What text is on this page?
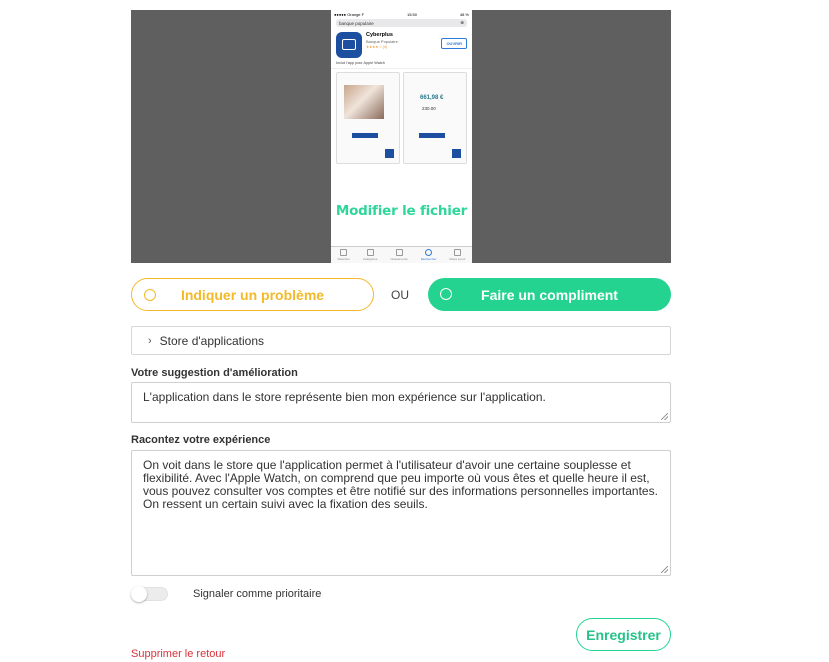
●●●●● Orange F	15:50	48 %
banque populaire	⊗
Cyberplus
Banque Populaire
★★★★☆ (4)
OUVRIR
Inclut l'app pour Apple Watch
661,98 €
230.00
Modifier le fichier
Sélection	Catégories	Classements	Rechercher	Mises à jour
Indiquer un problème	OU	Faire un compliment
› Store d'applications
Votre suggestion d'amélioration
L'application dans le store représente bien mon expérience sur l'application.
Racontez votre expérience
On voit dans le store que l'application permet à l'utilisateur d'avoir une certaine souplesse et flexibilité. Avec l'Apple Watch, on comprend que peu importe où vous êtes et quelle heure il est, vous pouvez consulter vos comptes et être notifié sur des informations personnelles importantes. On ressent un certain suivi avec la fixation des seuils.
Signaler comme prioritaire
Enregistrer
Supprimer le retour
